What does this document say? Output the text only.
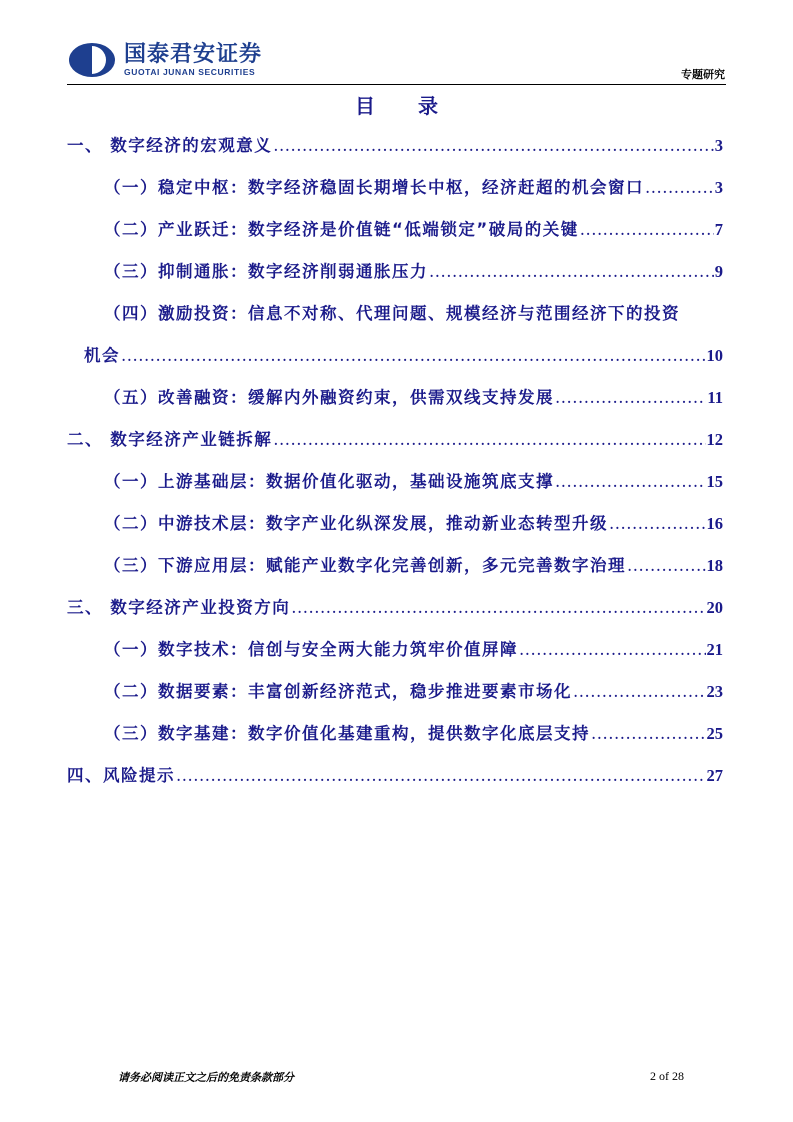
国泰君安证券
GUOTAI JUNAN SECURITIES	专题研究
目 录
一、 数字经济的宏观意义 .....	3
（一）稳定中枢：数字经济稳固长期增长中枢，经济赶超的机会窗口 .....	3
（二）产业跃迁：数字经济是价值链“低端锁定”破局的关键 .....	7
（三）抑制通胀：数字经济削弱通胀压力 .....	9
（四）激励投资：信息不对称、代理问题、规模经济与范围经济下的投资
机会 .....	10
（五）改善融资：缓解内外融资约束，供需双线支持发展 .....	11
二、 数字经济产业链拆解 .....	12
（一）上游基础层：数据价值化驱动，基础设施筑底支撑 .....	15
（二）中游技术层：数字产业化纵深发展，推动新业态转型升级 .....	16
（三）下游应用层：赋能产业数字化完善创新，多元完善数字治理 .....	18
三、 数字经济产业投资方向 .....	20
（一）数字技术：信创与安全两大能力筑牢价值屏障 .....	21
（二）数据要素：丰富创新经济范式，稳步推进要素市场化 .....	23
（三）数字基建：数字价值化基建重构，提供数字化底层支持 .....	25
四、风险提示 .....	27
请务必阅读正文之后的免责条款部分	2 of 28
